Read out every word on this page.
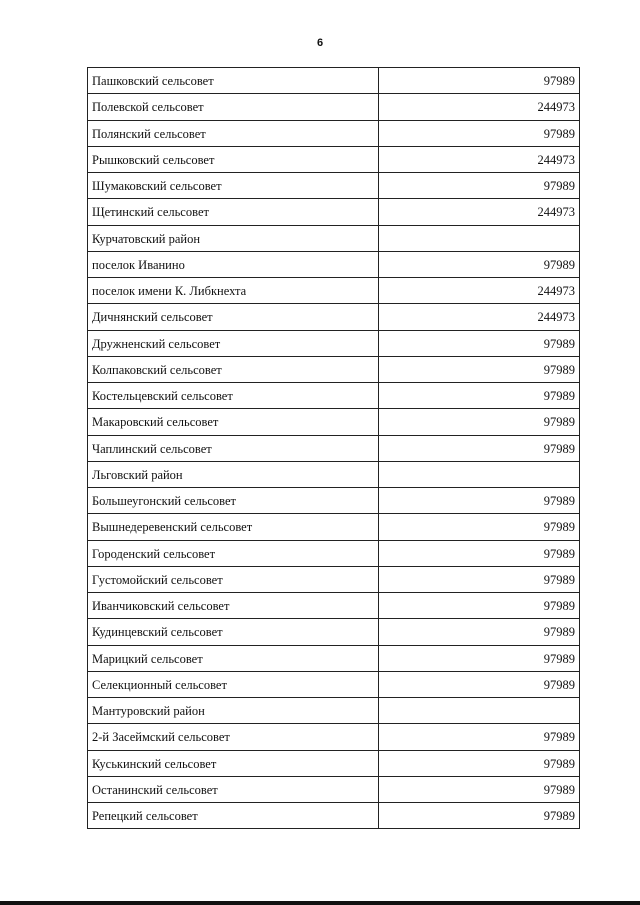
6
Пашковский сельсовет	97989
Полевской сельсовет	244973
Полянский сельсовет	97989
Рышковский сельсовет	244973
Шумаковский сельсовет	97989
Щетинский сельсовет	244973
Курчатовский район
поселок Иванино	97989
поселок имени К. Либкнехта	244973
Дичнянский сельсовет	244973
Дружненский сельсовет	97989
Колпаковский сельсовет	97989
Костельцевский сельсовет	97989
Макаровский сельсовет	97989
Чаплинский сельсовет	97989
Льговский район
Большеугонский сельсовет	97989
Вышнедеревенский сельсовет	97989
Городенский сельсовет	97989
Густомойский сельсовет	97989
Иванчиковский сельсовет	97989
Кудинцевский сельсовет	97989
Марицкий сельсовет	97989
Селекционный сельсовет	97989
Мантуровский район
2-й Засеймский сельсовет	97989
Куськинский сельсовет	97989
Останинский сельсовет	97989
Репецкий сельсовет	97989
